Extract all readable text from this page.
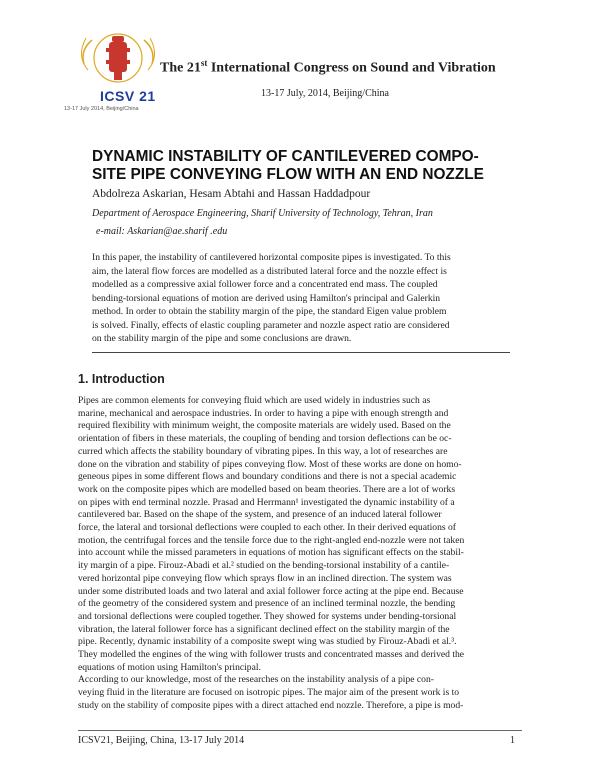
ICSV 21
13-17 July 2014, Beijing/China
The 21st International Congress on Sound and Vibration
13-17 July, 2014, Beijing/China
DYNAMIC INSTABILITY OF CANTILEVERED COMPO-
SITE PIPE CONVEYING FLOW WITH AN END NOZZLE
Abdolreza Askarian, Hesam Abtahi and Hassan Haddadpour
Department of Aerospace Engineering, Sharif University of Technology, Tehran, Iran
e-mail: Askarian@ae.sharif .edu
In this paper, the instability of cantilevered horizontal composite pipes is investigated. To this
aim, the lateral flow forces are modelled as a distributed lateral force and the nozzle effect is
modelled as a compressive axial follower force and a concentrated end mass. The coupled
bending-torsional equations of motion are derived using Hamilton's principal and Galerkin
method. In order to obtain the stability margin of the pipe, the standard Eigen value problem
is solved. Finally, effects of elastic coupling parameter and nozzle aspect ratio are considered
on the stability margin of the pipe and some conclusions are drawn.
1. Introduction
Pipes are common elements for conveying fluid which are used widely in industries such as
marine, mechanical and aerospace industries. In order to having a pipe with enough strength and
required flexibility with minimum weight, the composite materials are widely used. Based on the
orientation of fibers in these materials, the coupling of bending and torsion deflections can be oc-
curred which affects the stability boundary of vibrating pipes. In this way, a lot of researches are
done on the vibration and stability of pipes conveying flow. Most of these works are done on homo-
geneous pipes in some different flows and boundary conditions and there is not a special academic
work on the composite pipes which are modelled based on beam theories. There are a lot of works
on pipes with end terminal nozzle. Prasad and Herrmann¹ investigated the dynamic instability of a
cantilevered bar. Based on the shape of the system, and presence of an induced lateral follower
force, the lateral and torsional deflections were coupled to each other. In their derived equations of
motion, the centrifugal forces and the tensile force due to the right-angled end-nozzle were not taken
into account while the missed parameters in equations of motion has significant effects on the stabil-
ity margin of a pipe. Firouz-Abadi et al.² studied on the bending-torsional instability of a cantile-
vered horizontal pipe conveying flow which sprays flow in an inclined direction. The system was
under some distributed loads and two lateral and axial follower force acting at the pipe end. Because
of the geometry of the considered system and presence of an inclined terminal nozzle, the bending
and torsional deflections were coupled together. They showed for systems under bending-torsional
vibration, the lateral follower force has a significant declined effect on the stability margin of the
pipe. Recently, dynamic instability of a composite swept wing was studied by Firouz-Abadi et al.³.
They modelled the engines of the wing with follower trusts and concentrated masses and derived the
equations of motion using Hamilton's principal.
According to our knowledge, most of the researches on the instability analysis of a pipe con-
veying fluid in the literature are focused on isotropic pipes. The major aim of the present work is to
study on the stability of composite pipes with a direct attached end nozzle. Therefore, a pipe is mod-
ICSV21, Beijing, China, 13-17 July 2014	1
